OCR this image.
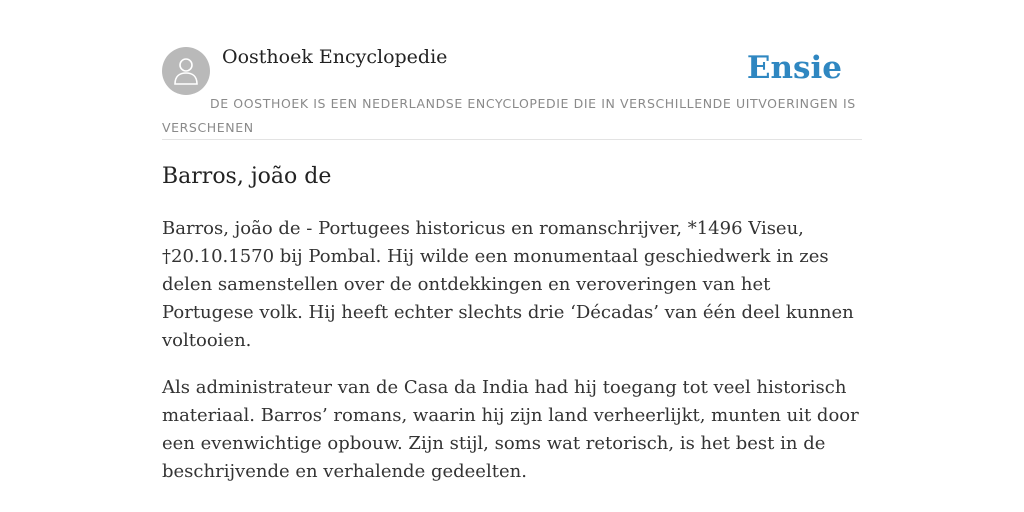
Oosthoek Encyclopedie	Ensie
DE OOSTHOEK IS EEN NEDERLANDSE ENCYCLOPEDIE DIE IN VERSCHILLENDE UITVOERINGEN IS VERSCHENEN
Barros, joão de

Barros, joão de - Portugees historicus en romanschrijver, *1496 Viseu, †20.10.1570 bij Pombal. Hij wilde een monumentaal geschiedwerk in zes delen samenstellen over de ontdekkingen en veroveringen van het Portugese volk. Hij heeft echter slechts drie ‘Décadas’ van één deel kunnen voltooien.

Als administrateur van de Casa da India had hij toegang tot veel historisch materiaal. Barros’ romans, waarin hij zijn land verheerlijkt, munten uit door een evenwichtige opbouw. Zijn stijl, soms wat retorisch, is het best in de beschrijvende en verhalende gedeelten.
